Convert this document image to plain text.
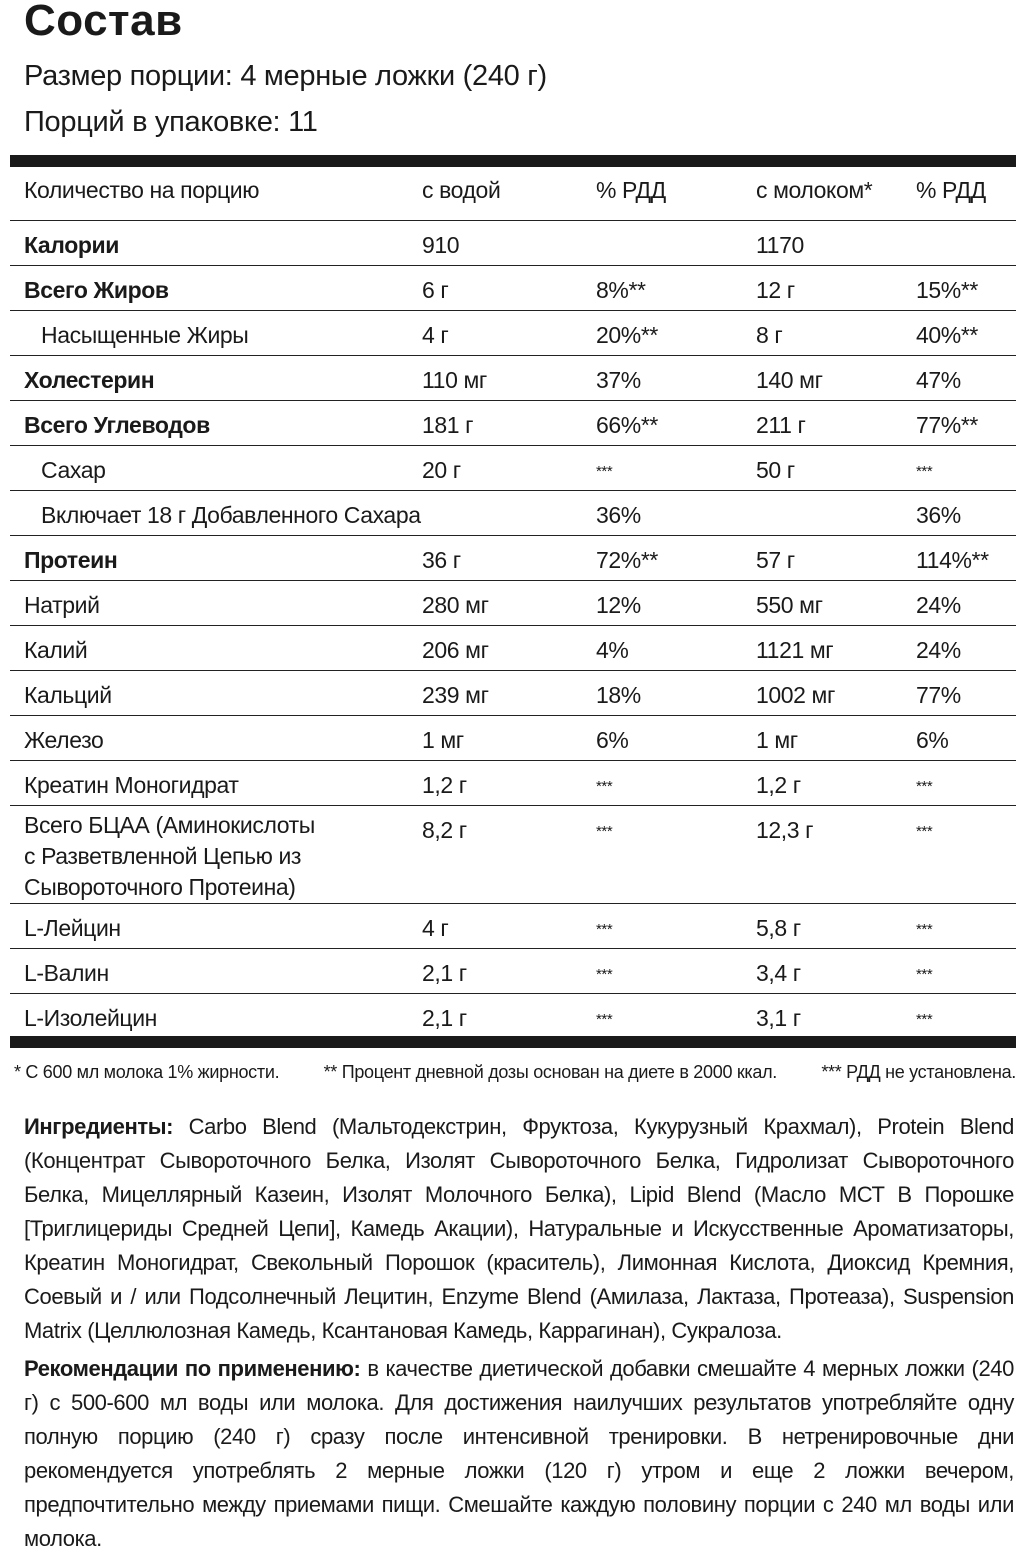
Состав
Размер порции: 4 мерные ложки (240 г)
Порций в упаковке: 11
Количество на порцию	с водой	% РДД	с молоком*	% РДД
Калории	910		1170	
Всего Жиров	6 г	8%**	12 г	15%**
Насыщенные Жиры	4 г	20%**	8 г	40%**
Холестерин	110 мг	37%	140 мг	47%
Всего Углеводов	181 г	66%**	211 г	77%**
Сахар	20 г	***	50 г	***
Включает 18 г Добавленного Сахара		36%		36%
Протеин	36 г	72%**	57 г	114%**
Натрий	280 мг	12%	550 мг	24%
Калий	206 мг	4%	1121 мг	24%
Кальций	239 мг	18%	1002 мг	77%
Железо	1 мг	6%	1 мг	6%
Креатин Моногидрат	1,2 г	***	1,2 г	***
Всего БЦАА (Аминокислоты
с Разветвленной Цепью из Сывороточного Протеина)	8,2 г	***	12,3 г	***
L-Лейцин	4 г	***	5,8 г	***
L-Валин	2,1 г	***	3,4 г	***
L-Изолейцин	2,1 г	***	3,1 г	***
* С 600 мл молока 1% жирности. ** Процент дневной дозы основан на диете в 2000 ккал. *** РДД не установлена.
Ингредиенты: Carbo Blend (Мальтодекстрин, Фруктоза, Кукурузный Крахмал), Protein Blend (Концентрат Сывороточного Белка, Изолят Сывороточного Белка, Гидролизат Сывороточного Белка, Мицеллярный Казеин, Изолят Молочного Белка), Lipid Blend (Масло МСТ В Порошке [Триглицериды Средней Цепи], Камедь Акации), Натуральные и Искусственные Ароматизаторы, Креатин Моногидрат, Свекольный Порошок (краситель), Лимонная Кислота, Диоксид Кремния, Соевый и / или Подсолнечный Лецитин, Enzyme Blend (Амилаза, Лактаза, Протеаза), Suspension Matrix (Целлюлозная Камедь, Ксантановая Камедь, Каррагинан), Сукралоза.
Рекомендации по применению: в качестве диетической добавки смешайте 4 мерных ложки (240 г) с 500-600 мл воды или молока. Для достижения наилучших результатов употребляйте одну полную порцию (240 г) сразу после интенсивной тренировки. В нетренировочные дни рекомендуется употреблять 2 мерные ложки (120 г) утром и еще 2 ложки вечером, предпочтительно между приемами пищи. Смешайте каждую половину порции с 240 мл воды или молока.
